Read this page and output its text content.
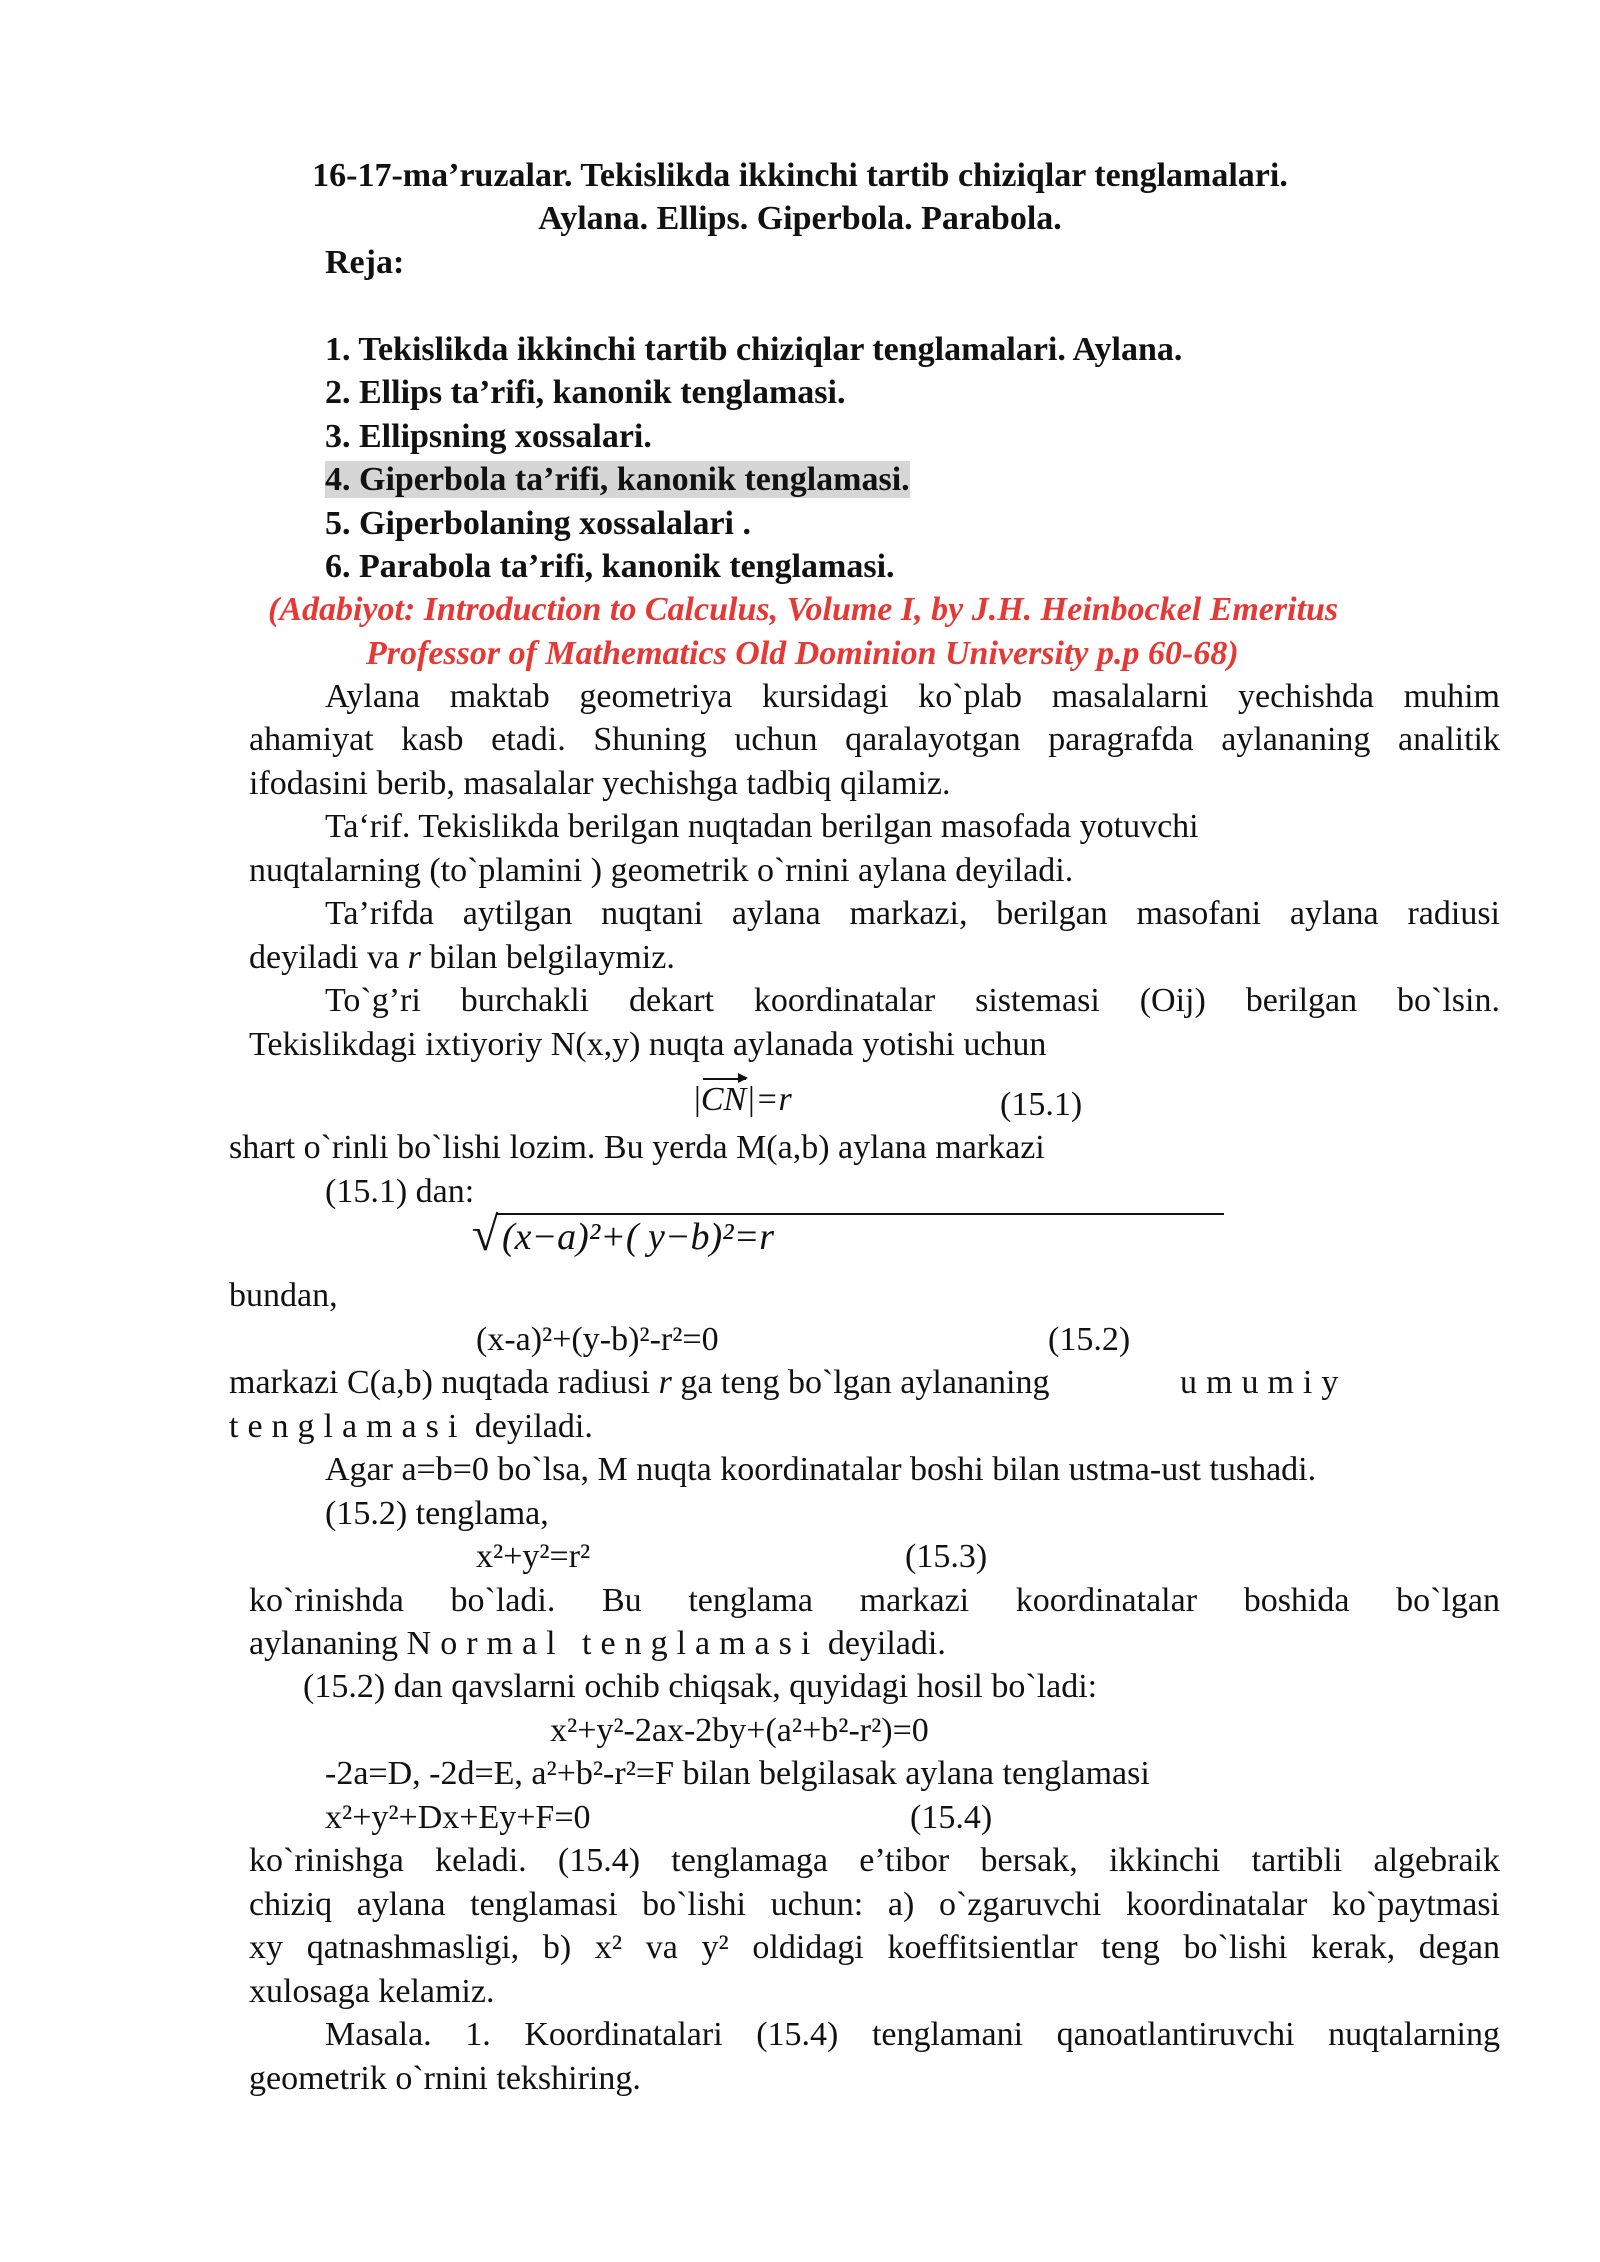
16-17-ma’ruzalar. Tekislikda ikkinchi tartib chiziqlar tenglamalari.
Aylana. Ellips. Giperbola. Parabola.
Reja:
1. Tekislikda ikkinchi tartib chiziqlar tenglamalari. Aylana.
2. Ellips ta’rifi, kanonik tenglamasi.
3. Ellipsning xossalari.
4. Giperbola ta’rifi, kanonik tenglamasi.
5. Giperbolaning xossalalari .
6. Parabola ta’rifi, kanonik tenglamasi.
(Adabiyot: Introduction to Calculus, Volume I, by J.H. Heinbockel Emeritus
Professor of Mathematics Old Dominion University p.p 60-68)
Aylana maktab geometriya kursidagi ko`plab masalalarni yechishda muhim
ahamiyat kasb etadi. Shuning uchun qaralayotgan paragrafda aylananing analitik
ifodasini berib, masalalar yechishga tadbiq qilamiz.
Ta‘rif. Tekislikda berilgan nuqtadan berilgan masofada yotuvchi
nuqtalarning (to`plamini ) geometrik o`rnini aylana deyiladi.
Ta’rifda aytilgan nuqtani aylana markazi, berilgan masofani aylana radiusi
deyiladi va r bilan belgilaymiz.
To`g’ri burchakli dekart koordinatalar sistemasi (Oij) berilgan bo`lsin.
Tekislikdagi ixtiyoriy N(x,y) nuqta aylanada yotishi uchun
|CN|=r	(15.1)
shart o`rinli bo`lishi lozim. Bu yerda M(a,b) aylana markazi
(15.1) dan:
√ (x−a)²+( y−b)²=r
bundan,
(x-a)²+(y-b)²-r²=0	(15.2)
markazi C(a,b) nuqtada radiusi r ga teng bo`lgan aylananing	umumiy
tenglamasi deyiladi.
Agar a=b=0 bo`lsa, M nuqta koordinatalar boshi bilan ustma-ust tushadi.
(15.2) tenglama,
x²+y²=r²	(15.3)
ko`rinishda bo`ladi. Bu tenglama markazi koordinatalar boshida bo`lgan
aylananing Normal tenglamasi deyiladi.
(15.2) dan qavslarni ochib chiqsak, quyidagi hosil bo`ladi:
x²+y²-2ax-2by+(a²+b²-r²)=0
-2a=D, -2d=E, a²+b²-r²=F bilan belgilasak aylana tenglamasi
x²+y²+Dx+Ey+F=0	(15.4)
ko`rinishga keladi. (15.4) tenglamaga e’tibor bersak, ikkinchi tartibli algebraik
chiziq aylana tenglamasi bo`lishi uchun: a) o`zgaruvchi koordinatalar ko`paytmasi
xy qatnashmasligi, b) x² va y² oldidagi koeffitsientlar teng bo`lishi kerak, degan
xulosaga kelamiz.
Masala. 1. Koordinatalari (15.4) tenglamani qanoatlantiruvchi nuqtalarning
geometrik o`rnini tekshiring.
